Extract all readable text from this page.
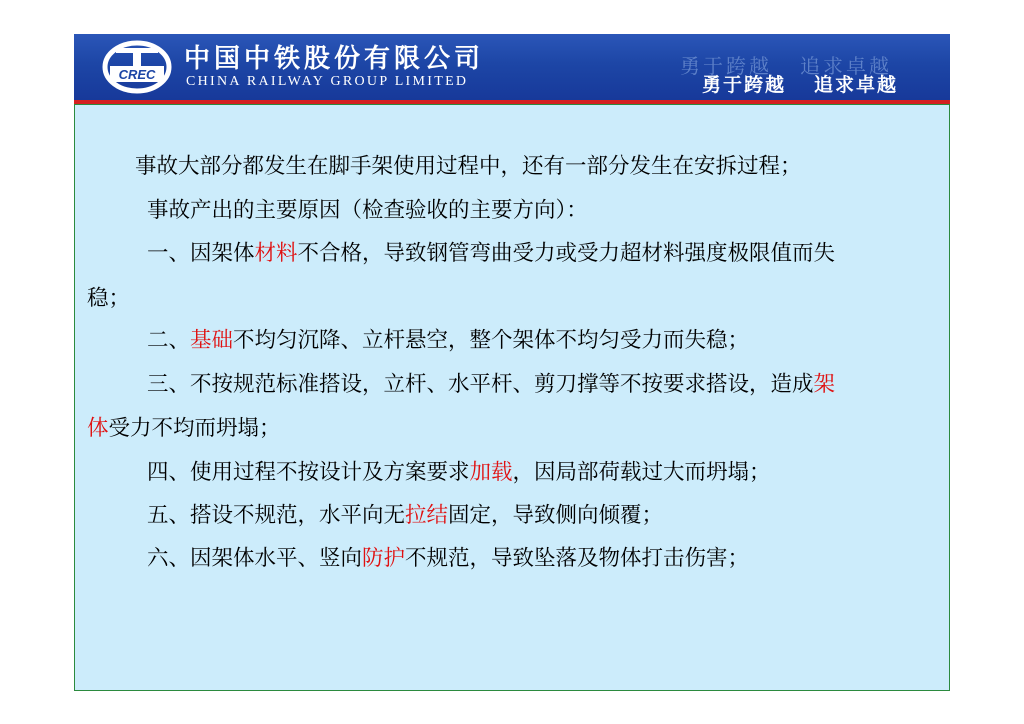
CREC
中国中铁股份有限公司
CHINA RAILWAY GROUP LIMITED
勇于跨越 追求卓越
勇于跨越 追求卓越
事故大部分都发生在脚手架使用过程中，还有一部分发生在安拆过程；
事故产出的主要原因（检查验收的主要方向）：
一、因架体材料不合格，导致钢管弯曲受力或受力超材料强度极限值而失
稳；
二、基础不均匀沉降、立杆悬空，整个架体不均匀受力而失稳；
三、不按规范标准搭设，立杆、水平杆、剪刀撑等不按要求搭设，造成架
体受力不均而坍塌；
四、使用过程不按设计及方案要求加载，因局部荷载过大而坍塌；
五、搭设不规范，水平向无拉结固定，导致侧向倾覆；
六、因架体水平、竖向防护不规范，导致坠落及物体打击伤害；
